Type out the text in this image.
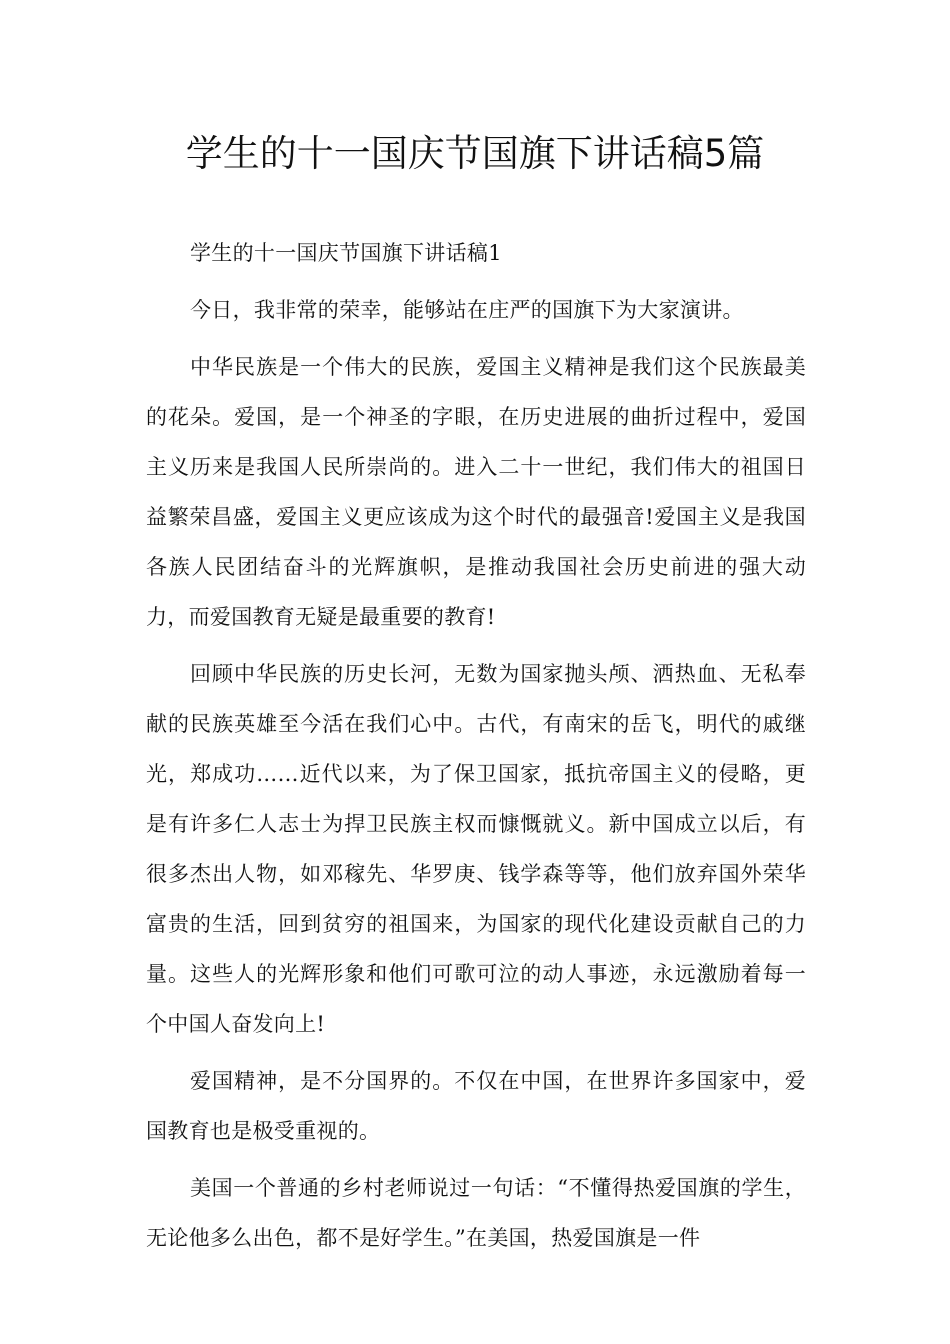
学生的十一国庆节国旗下讲话稿5篇

学生的十一国庆节国旗下讲话稿1

今日，我非常的荣幸，能够站在庄严的国旗下为大家演讲。

中华民族是一个伟大的民族，爱国主义精神是我们这个民族最美的花朵。爱国，是一个神圣的字眼，在历史进展的曲折过程中，爱国主义历来是我国人民所崇尚的。进入二十一世纪，我们伟大的祖国日益繁荣昌盛，爱国主义更应该成为这个时代的最强音!爱国主义是我国各族人民团结奋斗的光辉旗帜，是推动我国社会历史前进的强大动力，而爱国教育无疑是最重要的教育!

回顾中华民族的历史长河，无数为国家抛头颅、洒热血、无私奉献的民族英雄至今活在我们心中。古代，有南宋的岳飞，明代的戚继光，郑成功……近代以来，为了保卫国家，抵抗帝国主义的侵略，更是有许多仁人志士为捍卫民族主权而慷慨就义。新中国成立以后，有很多杰出人物，如邓稼先、华罗庚、钱学森等等，他们放弃国外荣华富贵的生活，回到贫穷的祖国来，为国家的现代化建设贡献自己的力量。这些人的光辉形象和他们可歌可泣的动人事迹，永远激励着每一个中国人奋发向上!

爱国精神，是不分国界的。不仅在中国，在世界许多国家中，爱国教育也是极受重视的。

美国一个普通的乡村老师说过一句话：“不懂得热爱国旗的学生，无论他多么出色，都不是好学生。”在美国，热爱国旗是一件
